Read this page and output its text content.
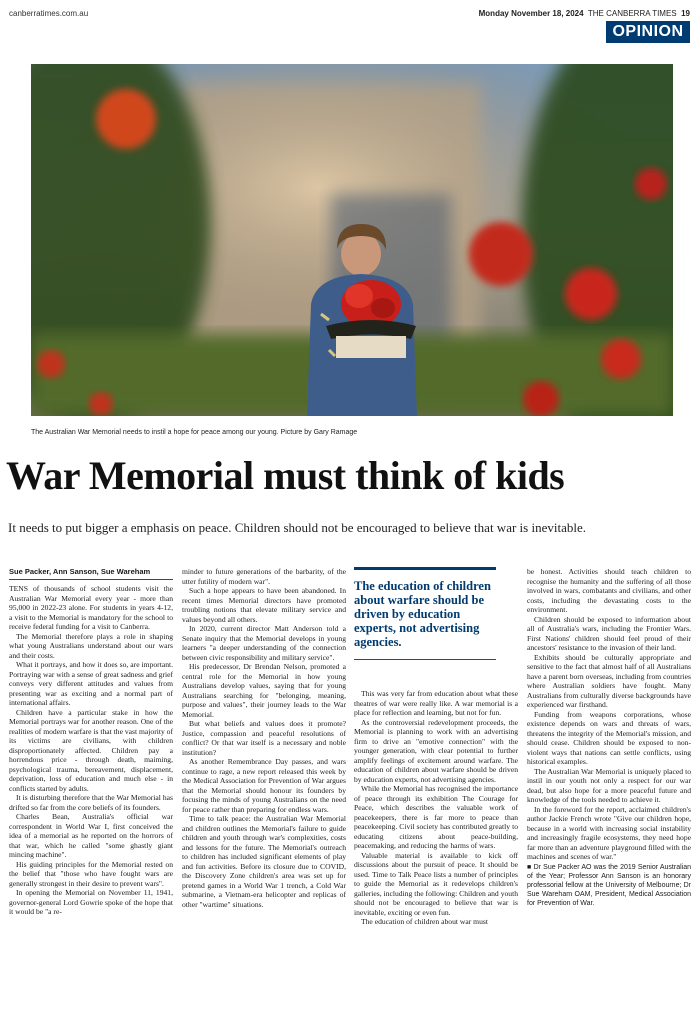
canberratimes.com.au	Monday November 18, 2024 THE CANBERRA TIMES 19
OPINION
The Australian War Memorial needs to instil a hope for peace among our young. Picture by Gary Ramage
War Memorial must think of kids
It needs to put bigger a emphasis on peace. Children should not be encouraged to believe that war is inevitable.
Sue Packer, Ann Sanson, Sue Wareham

TENS of thousands of school students visit the Australian War Memorial every year - more than 95,000 in 2022-23 alone. For students in years 4-12, a visit to the Memorial is mandatory for the school to receive federal funding for a visit to Canberra.

The Memorial therefore plays a role in shaping what young Australians understand about our wars and their costs.

What it portrays, and how it does so, are important. Portraying war with a sense of great sadness and grief conveys very different attitudes and values from presenting war as exciting and a normal part of international affairs.

Children have a particular stake in how the Memorial portrays war for another reason. One of the realities of modern warfare is that the vast majority of its victims are civilians, with children disproportionately affected. Children pay a horrendous price - through death, maiming, psychological trauma, bereavement, displacement, deprivation, loss of education and much else - in conflicts started by adults.

It is disturbing therefore that the War Memorial has drifted so far from the core beliefs of its founders.

Charles Bean, Australia's official war correspondent in World War I, first conceived the idea of a memorial as he reported on the horrors of that war, which he called "some ghastly giant mincing machine".

His guiding principles for the Memorial rested on the belief that "those who have fought wars are generally strongest in their desire to prevent wars".

In opening the Memorial on November 11, 1941, governor-general Lord Gowrie spoke of the hope that it would be "a re-

minder to future generations of the barbarity, of the utter futility of modern war".

Such a hope appears to have been abandoned. In recent times Memorial directors have promoted troubling notions that elevate military service and values beyond all others.

In 2020, current director Matt Anderson told a Senate inquiry that the Memorial develops in young learners "a deeper understanding of the connection between civic responsibility and military service".

His predecessor, Dr Brendan Nelson, promoted a central role for the Memorial in how young Australians develop values, saying that for young Australians searching for "belonging, meaning, purpose and values", their journey leads to the War Memorial.

But what beliefs and values does it promote? Justice, compassion and peaceful resolutions of conflict? Or that war itself is a necessary and noble institution?

As another Remembrance Day passes, and wars continue to rage, a new report released this week by the Medical Association for Prevention of War argues that the Memorial should honour its founders by focusing the minds of young Australians on the need for peace rather than preparing for endless wars.

Time to talk peace: the Australian War Memorial and children outlines the Memorial's failure to guide children and youth through war's complexities, costs and lessons for the future. The Memorial's outreach to children has included significant elements of play and fun activities. Before its closure due to COVID, the Discovery Zone children's area was set up for pretend games in a World War 1 trench, a Cold War submarine, a Vietnam-era helicopter and replicas of other "wartime" situations.

The education of children about warfare should be driven by education experts, not advertising agencies.

This was very far from education about what these theatres of war were really like. A war memorial is a place for reflection and learning, but not for fun.

As the controversial redevelopment proceeds, the Memorial is planning to work with an advertising firm to drive an "emotive connection" with the younger generation, with clear potential to further amplify feelings of excitement around warfare. The education of children about warfare should be driven by education experts, not advertising agencies.

While the Memorial has recognised the importance of peace through its exhibition The Courage for Peace, which describes the valuable work of peacekeepers, there is far more to peace than peacekeeping. Civil society has contributed greatly to educating citizens about peace-building, peacemaking, and reducing the harms of wars.

Valuable material is available to kick off discussions about the pursuit of peace. It should be used. Time to Talk Peace lists a number of principles to guide the Memorial as it redevelops children's galleries, including the following: Children and youth should not be encouraged to believe that war is inevitable, exciting or even fun.

The education of children about war must

be honest. Activities should teach children to recognise the humanity and the suffering of all those involved in wars, combatants and civilians, and other costs, including the devastating costs to the environment.

Children should be exposed to information about all of Australia's wars, including the Frontier Wars. First Nations' children should feel proud of their ancestors' resistance to the invasion of their land.

Exhibits should be culturally appropriate and sensitive to the fact that almost half of all Australians have a parent born overseas, including from countries where Australian soldiers have fought. Many Australians from culturally diverse backgrounds have experienced war firsthand.

Funding from weapons corporations, whose existence depends on wars and threats of wars, threatens the integrity of the Memorial's mission, and should cease. Children should be exposed to non-violent ways that nations can settle conflicts, using historical examples.

The Australian War Memorial is uniquely placed to instil in our youth not only a respect for our war dead, but also hope for a more peaceful future and knowledge of the tools needed to achieve it.

In the foreword for the report, acclaimed children's author Jackie French wrote "Give our children hope, because in a world with increasing social instability and increasingly fragile ecosystems, they need hope far more than an adventure playground filled with the machines and scenes of war."

■ Dr Sue Packer AO was the 2019 Senior Australian of the Year; Professor Ann Sanson is an honorary professorial fellow at the University of Melbourne; Dr Sue Wareham OAM, President, Medical Association for Prevention of War.
